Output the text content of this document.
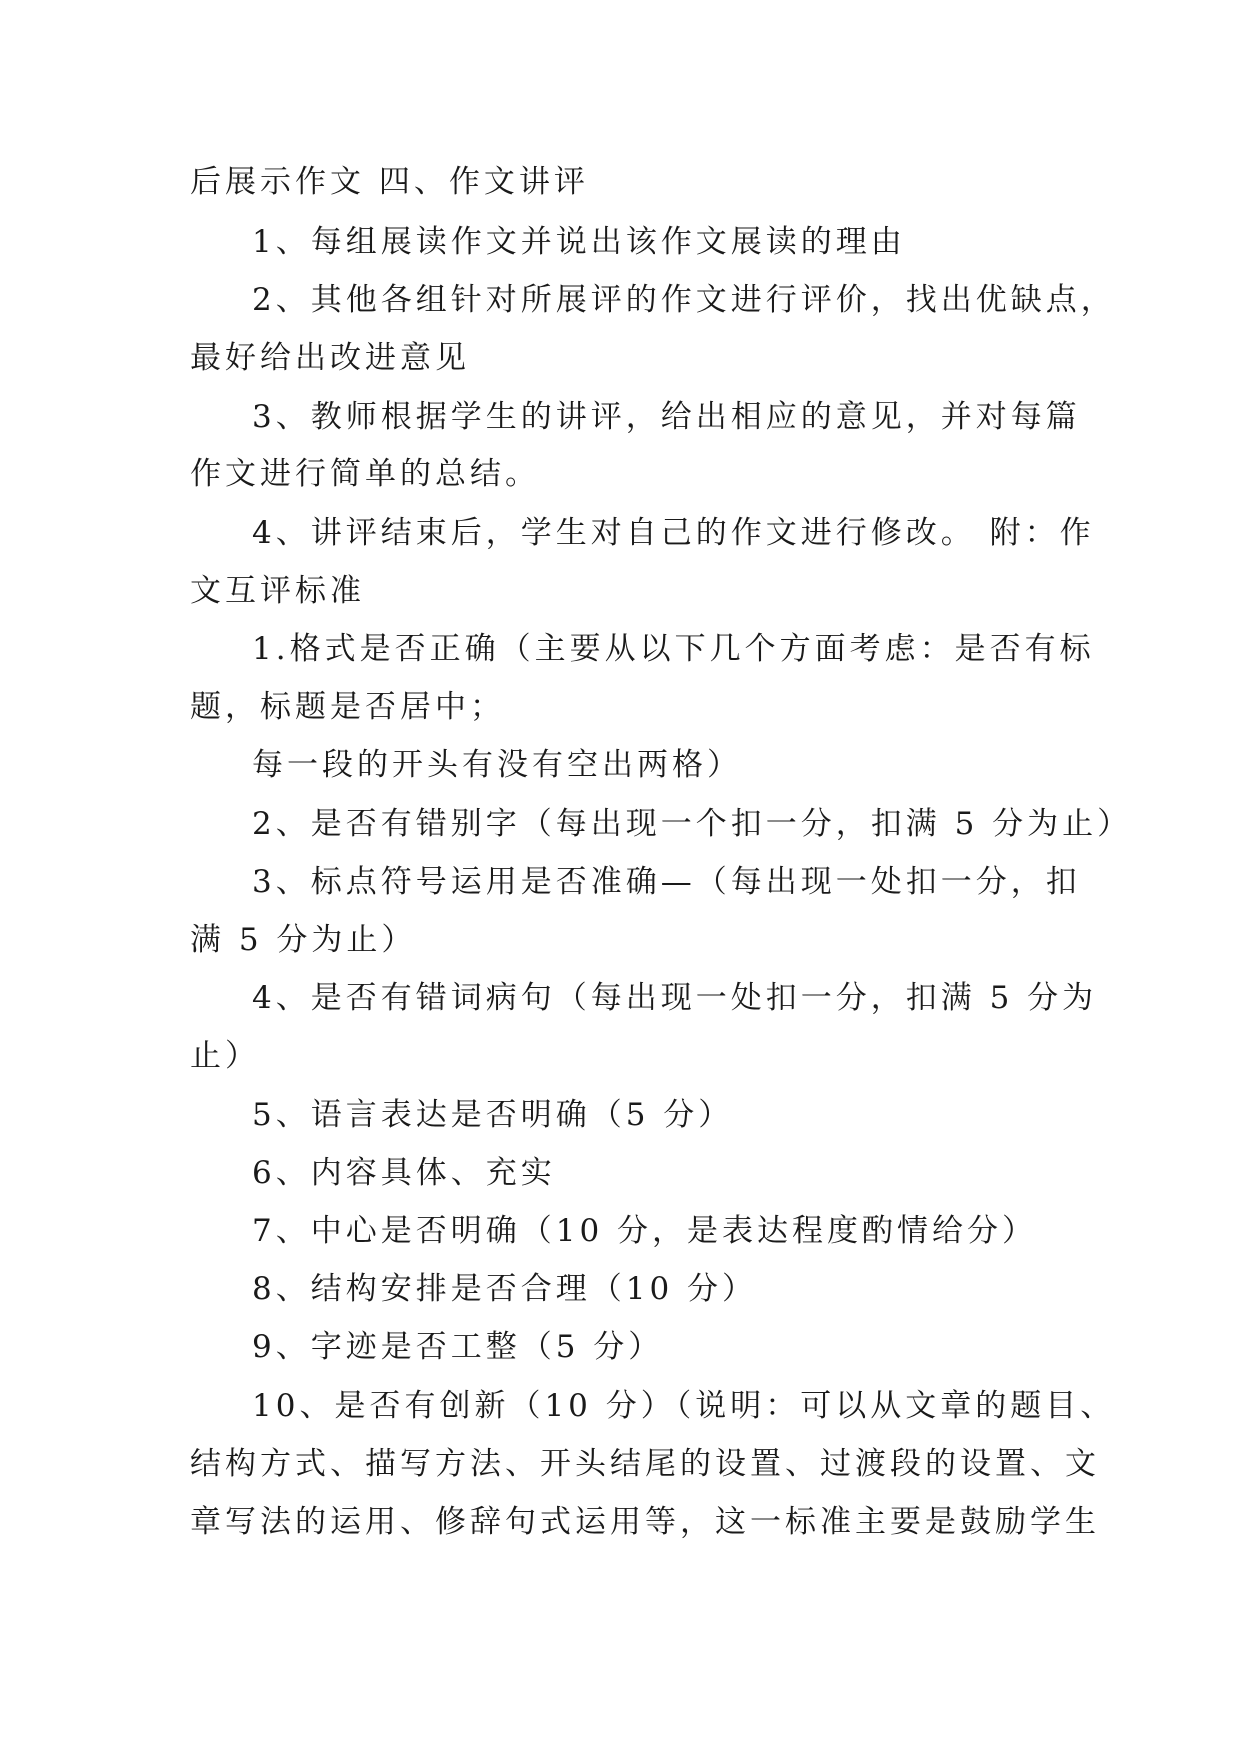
后展示作文 四、作文讲评
1、每组展读作文并说出该作文展读的理由
2、其他各组针对所展评的作文进行评价，找出优缺点，
最好给出改进意见
3、教师根据学生的讲评，给出相应的意见，并对每篇
作文进行简单的总结。
4、讲评结束后，学生对自己的作文进行修改。 附：作
文互评标准
1.格式是否正确（主要从以下几个方面考虑：是否有标
题，标题是否居中；
每一段的开头有没有空出两格）
2、是否有错别字（每出现一个扣一分，扣满 5 分为止）
3、标点符号运用是否准确—（每出现一处扣一分，扣
满 5 分为止）
4、是否有错词病句（每出现一处扣一分，扣满 5 分为
止）
5、语言表达是否明确（5 分）
6、内容具体、充实
7、中心是否明确（10 分，是表达程度酌情给分）
8、结构安排是否合理（10 分）
9、字迹是否工整（5 分）
10、是否有创新（10 分）（说明：可以从文章的题目、
结构方式、描写方法、开头结尾的设置、过渡段的设置、文
章写法的运用、修辞句式运用等，这一标准主要是鼓励学生
